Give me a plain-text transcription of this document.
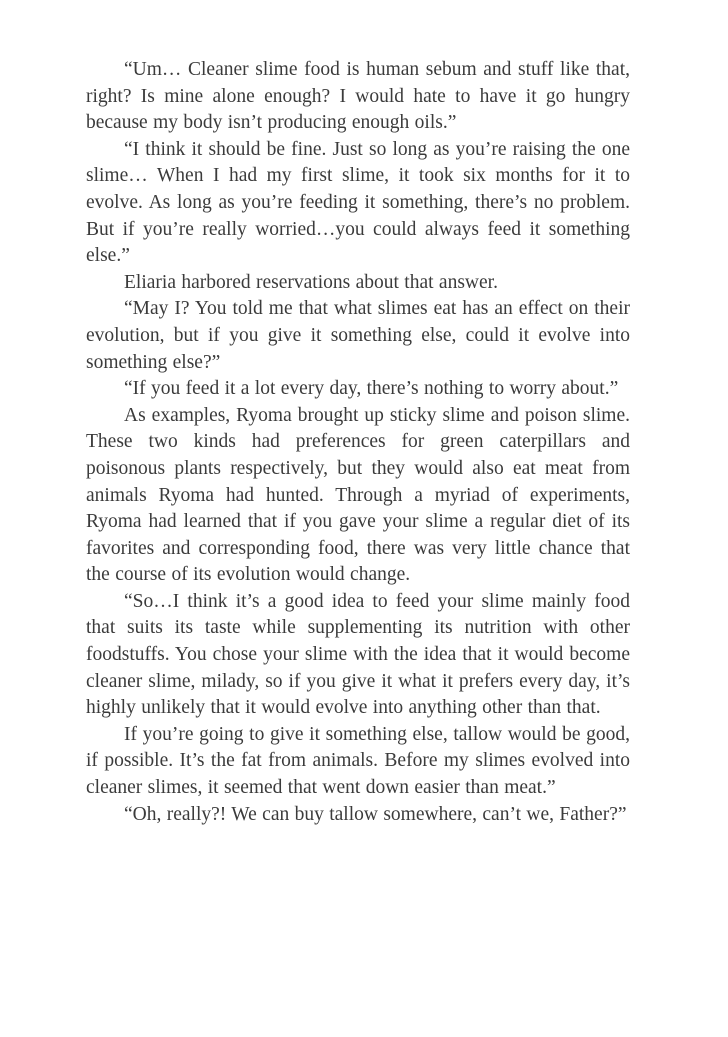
“Um… Cleaner slime food is human sebum and stuff like that, right? Is mine alone enough? I would hate to have it go hungry because my body isn’t producing enough oils.”

“I think it should be fine. Just so long as you’re raising the one slime… When I had my first slime, it took six months for it to evolve. As long as you’re feeding it something, there’s no problem. But if you’re really worried…you could always feed it something else.”

Eliaria harbored reservations about that answer.

“May I? You told me that what slimes eat has an effect on their evolution, but if you give it something else, could it evolve into something else?”

“If you feed it a lot every day, there’s nothing to worry about.”

As examples, Ryoma brought up sticky slime and poison slime. These two kinds had preferences for green caterpillars and poisonous plants respectively, but they would also eat meat from animals Ryoma had hunted. Through a myriad of experiments, Ryoma had learned that if you gave your slime a regular diet of its favorites and corresponding food, there was very little chance that the course of its evolution would change.

“So…I think it’s a good idea to feed your slime mainly food that suits its taste while supplementing its nutrition with other foodstuffs. You chose your slime with the idea that it would become cleaner slime, milady, so if you give it what it prefers every day, it’s highly unlikely that it would evolve into anything other than that.

If you’re going to give it something else, tallow would be good, if possible. It’s the fat from animals. Before my slimes evolved into cleaner slimes, it seemed that went down easier than meat.”

“Oh, really?! We can buy tallow somewhere, can’t we, Father?”
